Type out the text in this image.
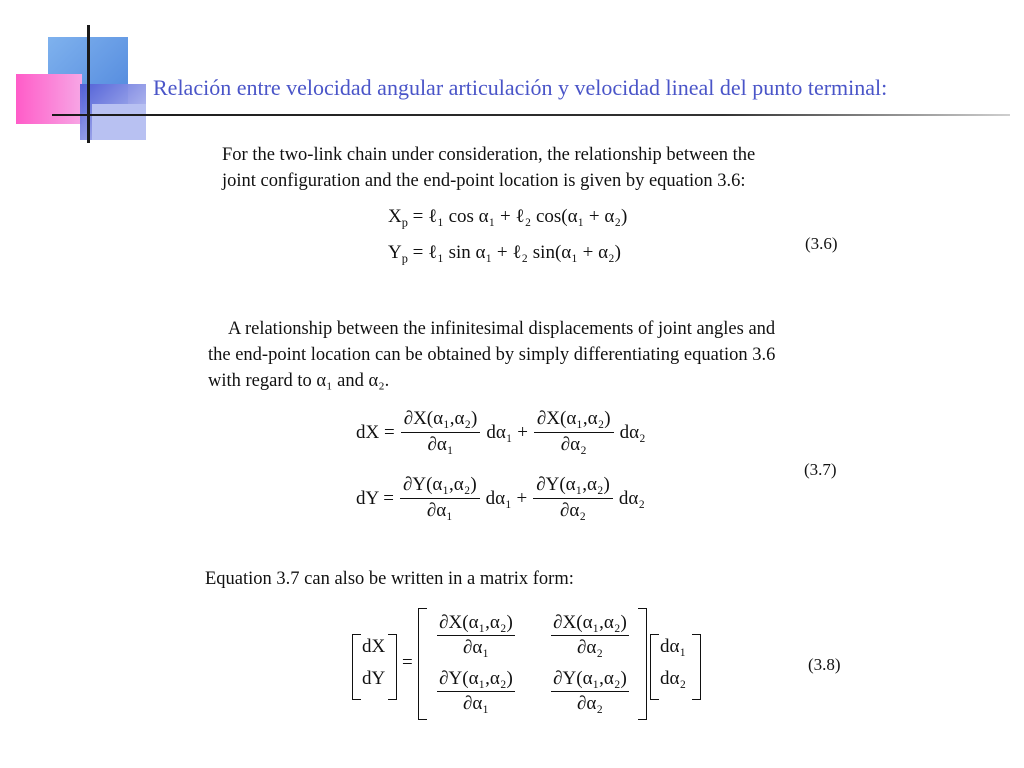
Relación entre velocidad angular articulación y velocidad lineal del punto terminal:
For the two-link chain under consideration, the relationship between the
joint configuration and the end-point location is given by equation 3.6:
$X_p$ = ℓ₁ cos α₁ + ℓ₂ cos(α₁ + α₂)
$Y_p$ = ℓ₁ sin α₁ + ℓ₂ sin(α₁ + α₂)	(3.6)
A relationship between the infinitesimal displacements of joint angles and
the end-point location can be obtained by simply differentiating equation 3.6
with regard to α₁ and α₂.
dX = $\frac{\text{∂X(α₁,α₂)}}{\text{∂α₁}} d\alpha_1 + \frac{\text{∂X(α₁,α₂)}}{\text{∂α₂}} d\alpha_2$
dY = $\frac{\text{∂Y(α₁,α₂)}}{\text{∂α₁}} d\alpha_1 + \frac{\text{∂Y(α₁,α₂)}}{\text{∂α₂}} d\alpha_2$
(3.7)
Equation 3.7 can also be written in a matrix form:
dX
dY
=
$\frac{\text{∂X(α₁,α₂)}}{\text{∂α₁}} \frac{\text{∂X(α₁,α₂)}}{\text{∂α₂}}$
$\frac{\text{∂Y(α₁,α₂)}}{\text{∂α₁}} \frac{\text{∂Y(α₁,α₂)}}{\text{∂α₂}}$
dα₁
dα₂
(3.8)
